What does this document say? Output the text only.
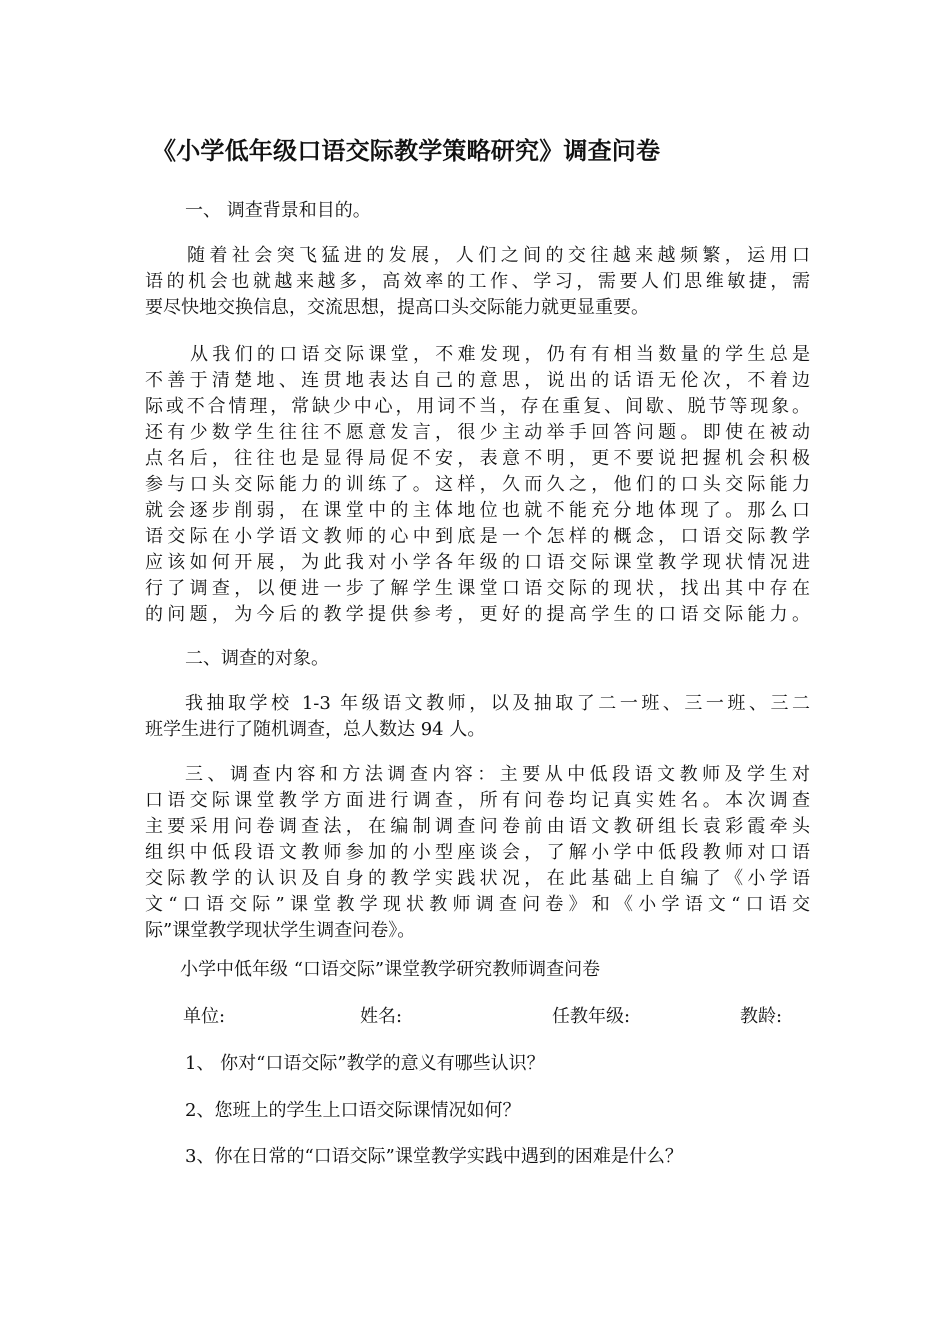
《小学低年级口语交际教学策略研究》调查问卷

一、 调查背景和目的。

随着社会突飞猛进的发展，人们之间的交往越来越频繁，运用口

语的机会也就越来越多，高效率的工作、学习，需要人们思维敏捷，需

要尽快地交换信息，交流思想，提高口头交际能力就更显重要。

从我们的口语交际课堂，不难发现，仍有有相当数量的学生总是

不善于清楚地、连贯地表达自己的意思，说出的话语无伦次，不着边

际或不合情理，常缺少中心，用词不当，存在重复、间歇、脱节等现象。

还有少数学生往往不愿意发言，很少主动举手回答问题。即使在被动

点名后，往往也是显得局促不安，表意不明，更不要说把握机会积极

参与口头交际能力的训练了。这样，久而久之，他们的口头交际能力

就会逐步削弱，在课堂中的主体地位也就不能充分地体现了。那么口

语交际在小学语文教师的心中到底是一个怎样的概念，口语交际教学

应该如何开展，为此我对小学各年级的口语交际课堂教学现状情况进

行了调查，以便进一步了解学生课堂口语交际的现状，找出其中存在

的问题，为今后的教学提供参考，更好的提高学生的口语交际能力。

二、调查的对象。

我抽取学校 1-3 年级语文教师，以及抽取了二一班、三一班、三二

班学生进行了随机调查，总人数达 94 人。

三、调查内容和方法调查内容：主要从中低段语文教师及学生对

口语交际课堂教学方面进行调查，所有问卷均记真实姓名。本次调查

主要采用问卷调查法，在编制调查问卷前由语文教研组长袁彩霞牵头

组织中低段语文教师参加的小型座谈会，了解小学中低段教师对口语

交际教学的认识及自身的教学实践状况，在此基础上自编了《小学语

文“口语交际”课堂教学现状教师调查问卷》和《小学语文“口语交

际”课堂教学现状学生调查问卷》。

小学中低年级 “口语交际”课堂教学研究教师调查问卷

单位:	姓名:	任教年级:	教龄:

1、 你对“口语交际”教学的意义有哪些认识？

2、您班上的学生上口语交际课情况如何？

3、你在日常的“口语交际”课堂教学实践中遇到的困难是什么？
